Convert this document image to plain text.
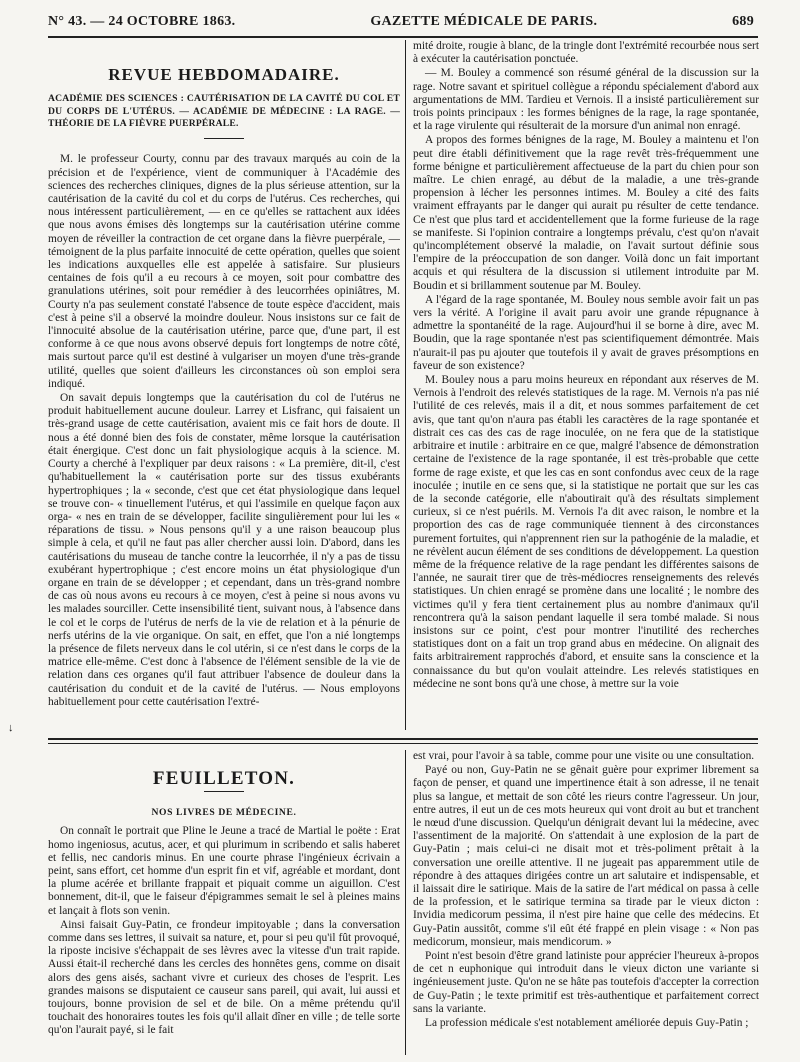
N° 43. — 24 OCTOBRE 1863.	GAZETTE MÉDICALE DE PARIS.	689
REVUE HEBDOMADAIRE.
ACADÉMIE DES SCIENCES : CAUTÉRISATION DE LA CAVITÉ DU COL ET DU CORPS DE L'UTÉRUS. — ACADÉMIE DE MÉDECINE : LA RAGE. — THÉORIE DE LA FIÈVRE PUERPÉRALE.

M. le professeur Courty, connu par des travaux marqués au coin de la précision et de l'expérience, vient de communiquer à l'Académie des sciences des recherches cliniques, dignes de la plus sérieuse attention, sur la cautérisation de la cavité du col et du corps de l'utérus. Ces recherches, qui nous intéressent particulièrement, — en ce qu'elles se rattachent aux idées que nous avons émises dès longtemps sur la cautérisation utérine comme moyen de réveiller la contraction de cet organe dans la fièvre puerpérale, — témoignent de la plus parfaite innocuité de cette opération, quelles que soient les indications auxquelles elle est appelée à satisfaire. Sur plusieurs centaines de fois qu'il a eu recours à ce moyen, soit pour combattre des granulations utérines, soit pour remédier à des leucorrhées opiniâtres, M. Courty n'a pas seulement constaté l'absence de toute espèce d'accident, mais c'est à peine s'il a observé la moindre douleur. Nous insistons sur ce fait de l'innocuité absolue de la cautérisation utérine, parce que, d'une part, il est conforme à ce que nous avons observé depuis fort longtemps de notre côté, mais surtout parce qu'il est destiné à vulgariser un moyen d'une très-grande utilité, quelles que soient d'ailleurs les circonstances où son emploi sera indiqué.

On savait depuis longtemps que la cautérisation du col de l'utérus ne produit habituellement aucune douleur. Larrey et Lisfranc, qui faisaient un très-grand usage de cette cautérisation, avaient mis ce fait hors de doute. Il nous a été donné bien des fois de constater, même lorsque la cautérisation était énergique. C'est donc un fait physiologique acquis à la science. M. Courty a cherché à l'expliquer par deux raisons : « La première, dit-il, c'est qu'habituellement la « cautérisation porte sur des tissus exubérants hypertrophiques ; la « seconde, c'est que cet état physiologique dans lequel se trouve con- « tinuellement l'utérus, et qui l'assimile en quelque façon aux orga- « nes en train de se développer, facilite singulièrement pour lui les « réparations de tissu. » Nous pensons qu'il y a une raison beaucoup plus simple à cela, et qu'il ne faut pas aller chercher aussi loin. D'abord, dans les cautérisations du museau de tanche contre la leucorrhée, il n'y a pas de tissu exubérant hypertrophique ; c'est encore moins un état physiologique d'un organe en train de se développer ; et cependant, dans un très-grand nombre de cas où nous avons eu recours à ce moyen, c'est à peine si nous avons vu les malades sourciller. Cette insensibilité tient, suivant nous, à l'absence dans le col et le corps de l'utérus de nerfs de la vie de relation et à la pénurie de nerfs utérins de la vie organique. On sait, en effet, que l'on a nié longtemps la présence de filets nerveux dans le col utérin, si ce n'est dans le corps de la matrice elle-même. C'est donc à l'absence de l'élément sensible de la vie de relation dans ces organes qu'il faut attribuer l'absence de douleur dans la cautérisation du conduit et de la cavité de l'utérus. — Nous employons habituellement pour cette cautérisation l'extré-

mité droite, rougie à blanc, de la tringle dont l'extrémité recourbée nous sert à exécuter la cautérisation ponctuée.

— M. Bouley a commencé son résumé général de la discussion sur la rage. Notre savant et spirituel collègue a répondu spécialement d'abord aux argumentations de MM. Tardieu et Vernois. Il a insisté particulièrement sur trois points principaux : les formes bénignes de la rage, la rage spontanée, et la rage virulente qui résulterait de la morsure d'un animal non enragé.

A propos des formes bénignes de la rage, M. Bouley a maintenu et l'on peut dire établi définitivement que la rage revêt très-fréquemment une forme bénigne et particulièrement affectueuse de la part du chien pour son maître. Le chien enragé, au début de la maladie, a une très-grande propension à lécher les personnes intimes. M. Bouley a cité des faits vraiment effrayants par le danger qui aurait pu résulter de cette tendance. Ce n'est que plus tard et accidentellement que la forme furieuse de la rage se manifeste. Si l'opinion contraire a longtemps prévalu, c'est qu'on n'avait qu'incomplétement observé la maladie, on l'avait surtout définie sous l'empire de la préoccupation de son danger. Voilà donc un fait important acquis et qui résultera de la discussion si utilement introduite par M. Boudin et si brillamment soutenue par M. Bouley.

A l'égard de la rage spontanée, M. Bouley nous semble avoir fait un pas vers la vérité. A l'origine il avait paru avoir une grande répugnance à admettre la spontanéité de la rage. Aujourd'hui il se borne à dire, avec M. Boudin, que la rage spontanée n'est pas scientifiquement démontrée. Mais n'aurait-il pas pu ajouter que toutefois il y avait de graves présomptions en faveur de son existence?

M. Bouley nous a paru moins heureux en répondant aux réserves de M. Vernois à l'endroit des relevés statistiques de la rage. M. Vernois n'a pas nié l'utilité de ces relevés, mais il a dit, et nous sommes parfaitement de cet avis, que tant qu'on n'aura pas établi les caractères de la rage spontanée et distrait ces cas des cas de rage inoculée, on ne fera que de la statistique arbitraire et inutile : arbitraire en ce que, malgré l'absence de démonstration certaine de l'existence de la rage spontanée, il est très-probable que cette forme de rage existe, et que les cas en sont confondus avec ceux de la rage inoculée ; inutile en ce sens que, si la statistique ne portait que sur les cas de la seconde catégorie, elle n'aboutirait qu'à des résultats simplement curieux, si ce n'est puérils. M. Vernois l'a dit avec raison, le nombre et la proportion des cas de rage communiquée tiennent à des circonstances purement fortuites, qui n'apprennent rien sur la pathogénie de la maladie, et ne révèlent aucun élément de ses conditions de développement. La question même de la fréquence relative de la rage pendant les différentes saisons de l'année, ne saurait tirer que de très-médiocres renseignements des relevés statistiques. Un chien enragé se promène dans une localité ; le nombre des victimes qu'il y fera tient certainement plus au nombre d'animaux qu'il rencontrera qu'à la saison pendant laquelle il sera tombé malade. Si nous insistons sur ce point, c'est pour montrer l'inutilité des recherches statistiques dont on a fait un trop grand abus en médecine. On alignait des faits arbitrairement rapprochés d'abord, et ensuite sans la conscience et la connaissance du but qu'on voulait atteindre. Les relevés statistiques en médecine ne sont bons qu'à une chose, à mettre sur la voie

↓
FEUILLETON.
NOS LIVRES DE MÉDECINE.

On connaît le portrait que Pline le Jeune a tracé de Martial le poëte : Erat homo ingeniosus, acutus, acer, et qui plurimum in scribendo et salis haberet et fellis, nec candoris minus. En une courte phrase l'ingénieux écrivain a peint, sans effort, cet homme d'un esprit fin et vif, agréable et mordant, dont la plume acérée et brillante frappait et piquait comme un aiguillon. C'est bonnement, dit-il, que le faiseur d'épigrammes semait le sel à pleines mains et lançait à flots son venin.

Ainsi faisait Guy-Patin, ce frondeur impitoyable ; dans la conversation comme dans ses lettres, il suivait sa nature, et, pour si peu qu'il fût provoqué, la riposte incisive s'échappait de ses lèvres avec la vitesse d'un trait rapide. Aussi était-il recherché dans les cercles des honnêtes gens, comme on disait alors des gens aisés, sachant vivre et curieux des choses de l'esprit. Les grandes maisons se disputaient ce causeur sans pareil, qui avait, lui aussi et toujours, bonne provision de sel et de bile. On a même prétendu qu'il touchait des honoraires toutes les fois qu'il allait dîner en ville ; de telle sorte qu'on l'aurait payé, si le fait

est vrai, pour l'avoir à sa table, comme pour une visite ou une consultation.

Payé ou non, Guy-Patin ne se gênait guère pour exprimer librement sa façon de penser, et quand une impertinence était à son adresse, il ne tenait plus sa langue, et mettait de son côté les rieurs contre l'agresseur. Un jour, entre autres, il eut un de ces mots heureux qui vont droit au but et tranchent le nœud d'une discussion. Quelqu'un dénigrait devant lui la médecine, avec l'assentiment de la majorité. On s'attendait à une explosion de la part de Guy-Patin ; mais celui-ci ne disait mot et très-poliment prêtait à la conversation une oreille attentive. Il ne jugeait pas apparemment utile de répondre à des attaques dirigées contre un art salutaire et indispensable, et il laissait dire le satirique. Mais de la satire de l'art médical on passa à celle de la profession, et le satirique termina sa tirade par le vieux dicton : Invidia medicorum pessima, il n'est pire haine que celle des médecins. Et Guy-Patin aussitôt, comme s'il eût été frappé en plein visage : « Non pas medicorum, monsieur, mais mendicorum. »

Point n'est besoin d'être grand latiniste pour apprécier l'heureux à-propos de cet n euphonique qui introduit dans le vieux dicton une variante si ingénieusement juste. Qu'on ne se hâte pas toutefois d'accepter la correction de Guy-Patin ; le texte primitif est très-authentique et parfaitement correct sans la variante.

La profession médicale s'est notablement améliorée depuis Guy-Patin ;
